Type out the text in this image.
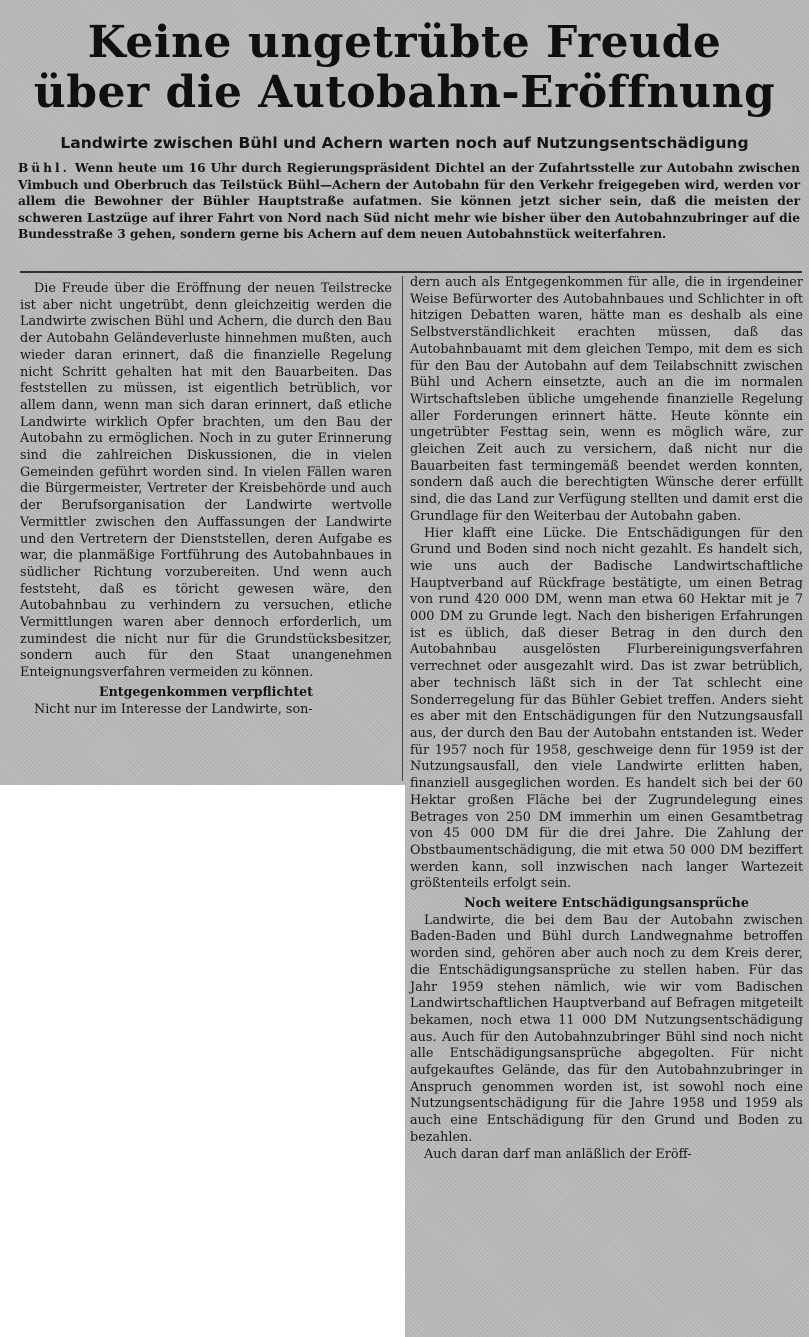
Keine ungetrübte Freude
über die Autobahn-Eröffnung
Landwirte zwischen Bühl und Achern warten noch auf Nutzungsentschädigung

Bühl. Wenn heute um 16 Uhr durch Regierungspräsident Dichtel an der Zufahrtsstelle zur Autobahn zwischen Vimbuch und Oberbruch das Teilstück Bühl—Achern der Autobahn für den Verkehr freigegeben wird, werden vor allem die Bewohner der Bühler Hauptstraße aufatmen. Sie können jetzt sicher sein, daß die meisten der schweren Lastzüge auf ihrer Fahrt von Nord nach Süd nicht mehr wie bisher über den Autobahnzubringer auf die Bundesstraße 3 gehen, sondern gerne bis Achern auf dem neuen Autobahnstück weiterfahren.

Die Freude über die Eröffnung der neuen Teilstrecke ist aber nicht ungetrübt, denn gleichzeitig werden die Landwirte zwischen Bühl und Achern, die durch den Bau der Autobahn Geländeverluste hinnehmen mußten, auch wieder daran erinnert, daß die finanzielle Regelung nicht Schritt gehalten hat mit den Bauarbeiten. Das feststellen zu müssen, ist eigentlich betrüblich, vor allem dann, wenn man sich daran erinnert, daß etliche Landwirte wirklich Opfer brachten, um den Bau der Autobahn zu ermöglichen. Noch in zu guter Erinnerung sind die zahlreichen Diskussionen, die in vielen Gemeinden geführt worden sind. In vielen Fällen waren die Bürgermeister, Vertreter der Kreisbehörde und auch der Berufsorganisation der Landwirte wertvolle Vermittler zwischen den Auffassungen der Landwirte und den Vertretern der Dienststellen, deren Aufgabe es war, die planmäßige Fortführung des Autobahnbaues in südlicher Richtung vorzubereiten. Und wenn auch feststeht, daß es töricht gewesen wäre, den Autobahnbau zu verhindern zu versuchen, etliche Vermittlungen waren aber dennoch erforderlich, um zumindest die nicht nur für die Grundstücksbesitzer, sondern auch für den Staat unangenehmen Enteignungsverfahren vermeiden zu können.

Entgegenkommen verpflichtet

Nicht nur im Interesse der Landwirte, son-

dern auch als Entgegenkommen für alle, die in irgendeiner Weise Befürworter des Autobahnbaues und Schlichter in oft hitzigen Debatten waren, hätte man es deshalb als eine Selbstverständlichkeit erachten müssen, daß das Autobahnbauamt mit dem gleichen Tempo, mit dem es sich für den Bau der Autobahn auf dem Teilabschnitt zwischen Bühl und Achern einsetzte, auch an die im normalen Wirtschaftsleben übliche umgehende finanzielle Regelung aller Forderungen erinnert hätte. Heute könnte ein ungetrübter Festtag sein, wenn es möglich wäre, zur gleichen Zeit auch zu versichern, daß nicht nur die Bauarbeiten fast termingemäß beendet werden konnten, sondern daß auch die berechtigten Wünsche derer erfüllt sind, die das Land zur Verfügung stellten und damit erst die Grundlage für den Weiterbau der Autobahn gaben.

Hier klafft eine Lücke. Die Entschädigungen für den Grund und Boden sind noch nicht gezahlt. Es handelt sich, wie uns auch der Badische Landwirtschaftliche Hauptverband auf Rückfrage bestätigte, um einen Betrag von rund 420 000 DM, wenn man etwa 60 Hektar mit je 7 000 DM zu Grunde legt. Nach den bisherigen Erfahrungen ist es üblich, daß dieser Betrag in den durch den Autobahnbau ausgelösten Flurbereinigungsverfahren verrechnet oder ausgezahlt wird. Das ist zwar betrüblich, aber technisch läßt sich in der Tat schlecht eine Sonderregelung für das Bühler Gebiet treffen. Anders sieht es aber mit den Entschädigungen für den Nutzungsausfall aus, der durch den Bau der Autobahn entstanden ist. Weder für 1957 noch für 1958, geschweige denn für 1959 ist der Nutzungsausfall, den viele Landwirte erlitten haben, finanziell ausgeglichen worden. Es handelt sich bei der 60 Hektar großen Fläche bei der Zugrundelegung eines Betrages von 250 DM immerhin um einen Gesamtbetrag von 45 000 DM für die drei Jahre. Die Zahlung der Obstbaumentschädigung, die mit etwa 50 000 DM beziffert werden kann, soll inzwischen nach langer Wartezeit größtenteils erfolgt sein.

Noch weitere Entschädigungsansprüche

Landwirte, die bei dem Bau der Autobahn zwischen Baden-Baden und Bühl durch Landwegnahme betroffen worden sind, gehören aber auch noch zu dem Kreis derer, die Entschädigungsansprüche zu stellen haben. Für das Jahr 1959 stehen nämlich, wie wir vom Badischen Landwirtschaftlichen Hauptverband auf Befragen mitgeteilt bekamen, noch etwa 11 000 DM Nutzungsentschädigung aus. Auch für den Autobahnzubringer Bühl sind noch nicht alle Entschädigungsansprüche abgegolten. Für nicht aufgekauftes Gelände, das für den Autobahnzubringer in Anspruch genommen worden ist, ist sowohl noch eine Nutzungsentschädigung für die Jahre 1958 und 1959 als auch eine Entschädigung für den Grund und Boden zu bezahlen.

Auch daran darf man anläßlich der Eröff-
